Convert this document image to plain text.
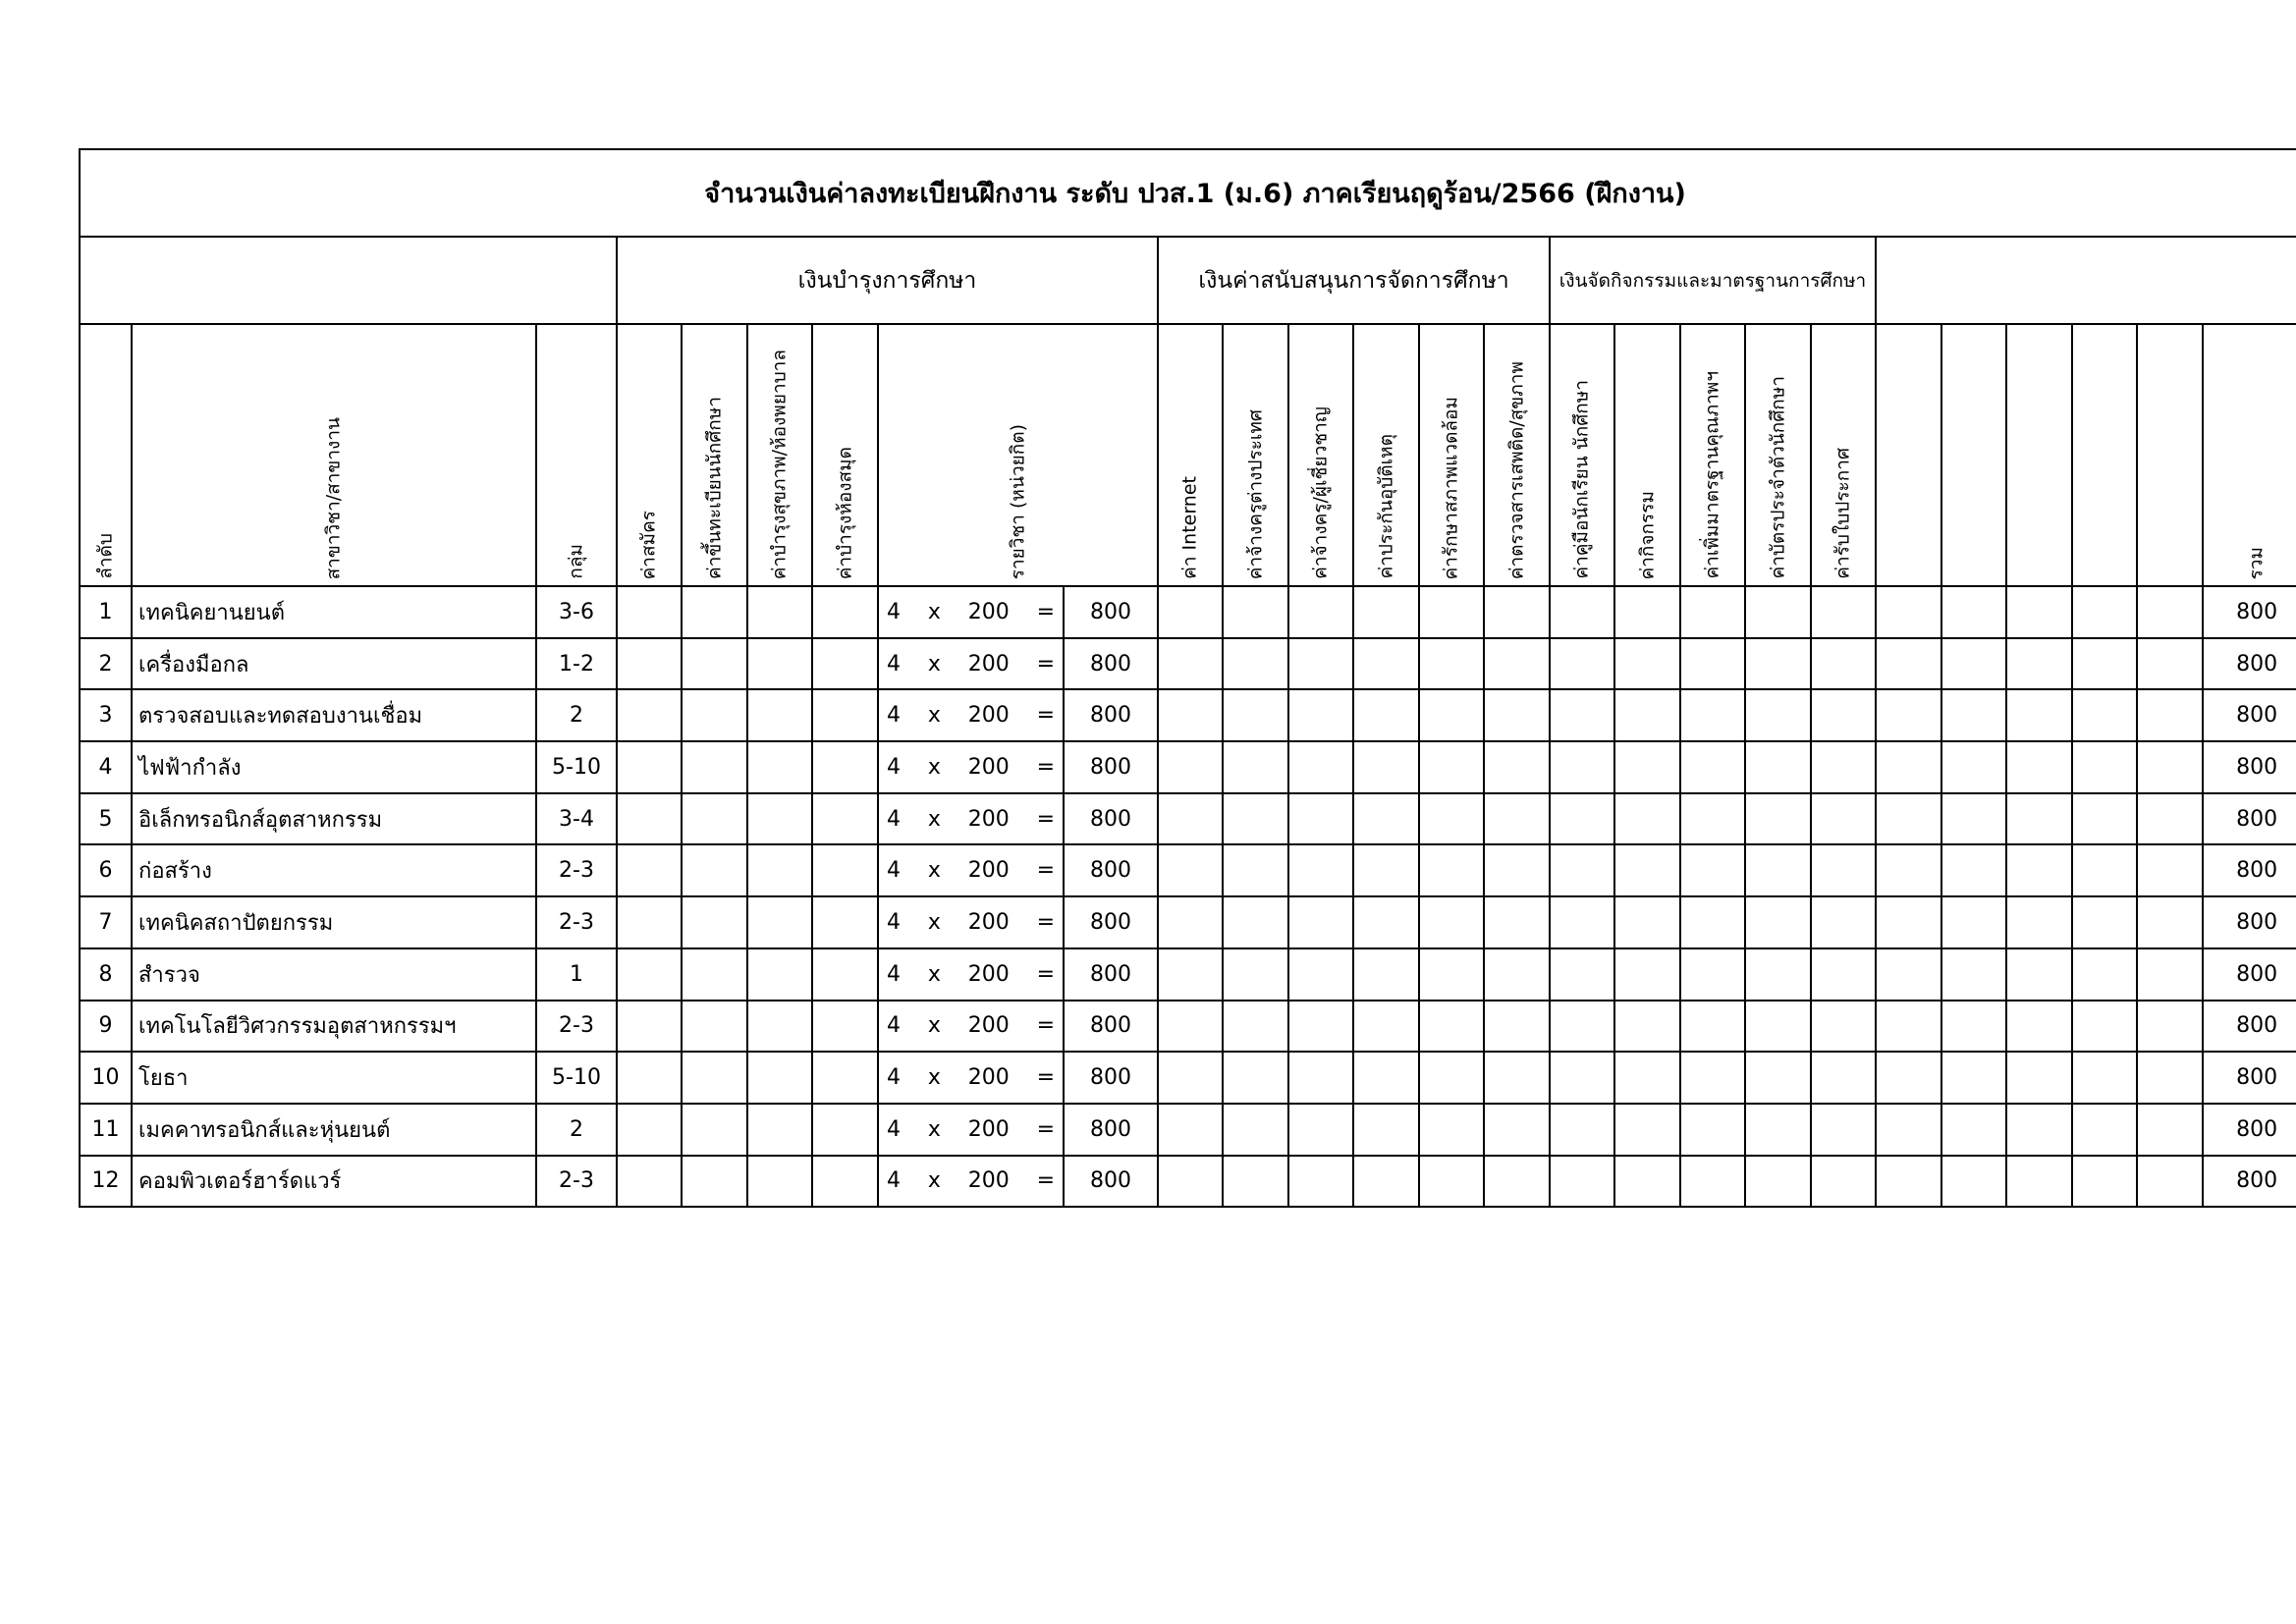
จำนวนเงินค่าลงทะเบียนฝึกงาน ระดับ ปวส.1 (ม.6) ภาคเรียนฤดูร้อน/2566 (ฝึกงาน)																									
			เงินบำรุงการศึกษา						เงินค่าสนับสนุนการจัดการศึกษา						เงินจัดกิจกรรมและมาตรฐานการศึกษา										

ลำดับ	สาขาวิชา/สาขางาน	กลุ่ม	ค่าสมัคร	ค่าขึ้นทะเบียนนักศึกษา	ค่าบำรุงสุขภาพ/ห้องพยาบาล	ค่าบำรุงห้องสมุด	รายวิชา (หน่วยกิต)		ค่า Internet	ค่าจ้างครูต่างประเทศ	ค่าจ้างครู/ผู้เชี่ยวชาญ	ค่าประกันอุบัติเหตุ	ค่ารักษาสภาพแวดล้อม	ค่าตรวจสารเสพติด/สุขภาพ	ค่าคู่มือนักเรียน นักศึกษา	ค่ากิจกรรม	ค่าเพิ่มมาตรฐานคุณภาพฯ	ค่าบัตรประจำตัวนักศึกษา	ค่ารับใบประกาศ						รวม

1	เทคนิคยานยนต์	3-6					4 x 200 =	800																	800
2	เครื่องมือกล	1-2					4 x 200 =	800																	800
3	ตรวจสอบและทดสอบงานเชื่อม	2					4 x 200 =	800																	800
4	ไฟฟ้ากำลัง	5-10					4 x 200 =	800																	800
5	อิเล็กทรอนิกส์อุตสาหกรรม	3-4					4 x 200 =	800																	800
6	ก่อสร้าง	2-3					4 x 200 =	800																	800
7	เทคนิคสถาปัตยกรรม	2-3					4 x 200 =	800																	800
8	สำรวจ	1					4 x 200 =	800																	800
9	เทคโนโลยีวิศวกรรมอุตสาหกรรมฯ	2-3					4 x 200 =	800																	800
10	โยธา	5-10					4 x 200 =	800																	800
11	เมคคาทรอนิกส์และหุ่นยนต์	2					4 x 200 =	800																	800
12	คอมพิวเตอร์ฮาร์ดแวร์	2-3					4 x 200 =	800																	800
